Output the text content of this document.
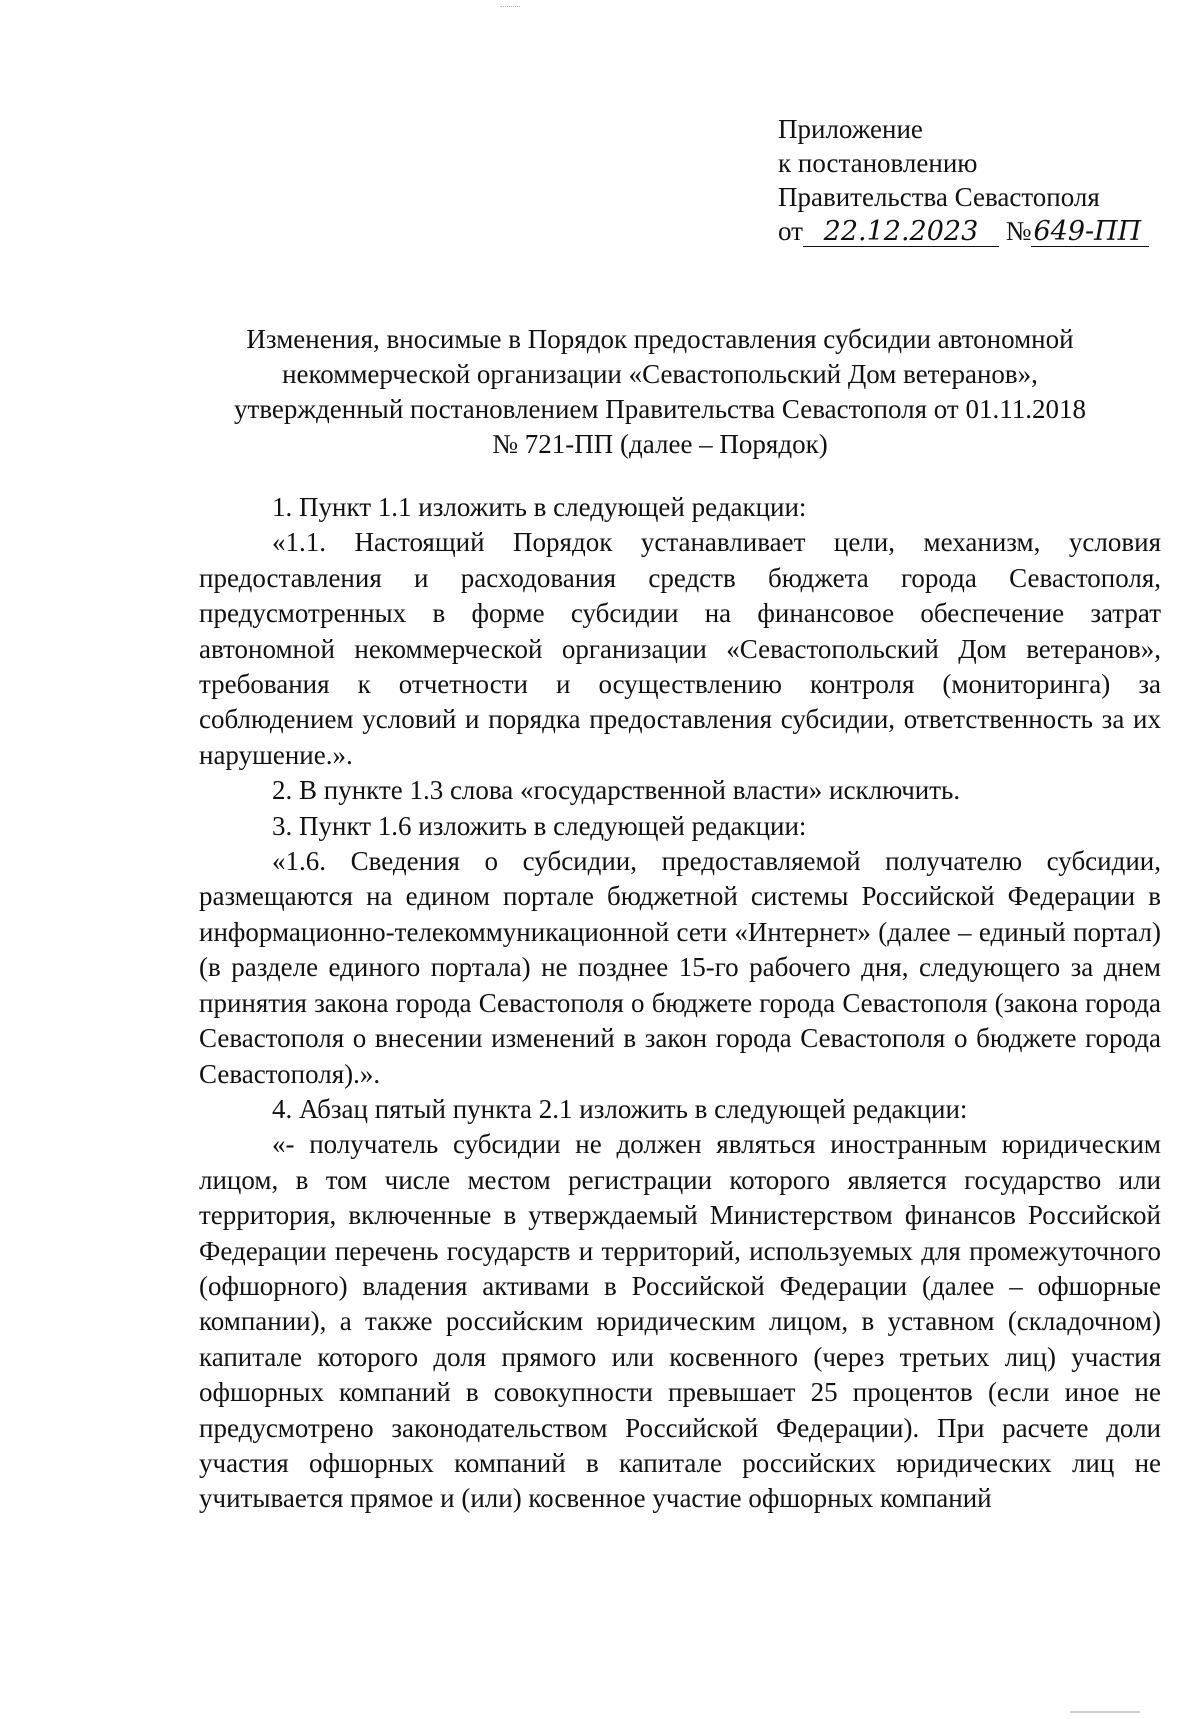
Приложение
к постановлению
Правительства Севастополя
от 22.12.2023 №649-ПП
Изменения, вносимые в Порядок предоставления субсидии автономной
некоммерческой организации «Севастопольский Дом ветеранов»,
утвержденный постановлением Правительства Севастополя от 01.11.2018
№ 721-ПП (далее – Порядок)

1. Пункт 1.1 изложить в следующей редакции:

«1.1. Настоящий Порядок устанавливает цели, механизм, условия предоставления и расходования средств бюджета города Севастополя, предусмотренных в форме субсидии на финансовое обеспечение затрат автономной некоммерческой организации «Севастопольский Дом ветеранов», требования к отчетности и осуществлению контроля (мониторинга) за соблюдением условий и порядка предоставления субсидии, ответственность за их нарушение.».

2. В пункте 1.3 слова «государственной власти» исключить.

3. Пункт 1.6 изложить в следующей редакции:

«1.6. Сведения о субсидии, предоставляемой получателю субсидии, размещаются на едином портале бюджетной системы Российской Федерации в информационно-телекоммуникационной сети «Интернет» (далее – единый портал) (в разделе единого портала) не позднее 15-го рабочего дня, следующего за днем принятия закона города Севастополя о бюджете города Севастополя (закона города Севастополя о внесении изменений в закон города Севастополя о бюджете города Севастополя).».

4. Абзац пятый пункта 2.1 изложить в следующей редакции:

«- получатель субсидии не должен являться иностранным юридическим лицом, в том числе местом регистрации которого является государство или территория, включенные в утверждаемый Министерством финансов Российской Федерации перечень государств и территорий, используемых для промежуточного (офшорного) владения активами в Российской Федерации (далее – офшорные компании), а также российским юридическим лицом, в уставном (складочном) капитале которого доля прямого или косвенного (через третьих лиц) участия офшорных компаний в совокупности превышает 25 процентов (если иное не предусмотрено законодательством Российской Федерации). При расчете доли участия офшорных компаний в капитале российских юридических лиц не учитывается прямое и (или) косвенное участие офшорных компаний
